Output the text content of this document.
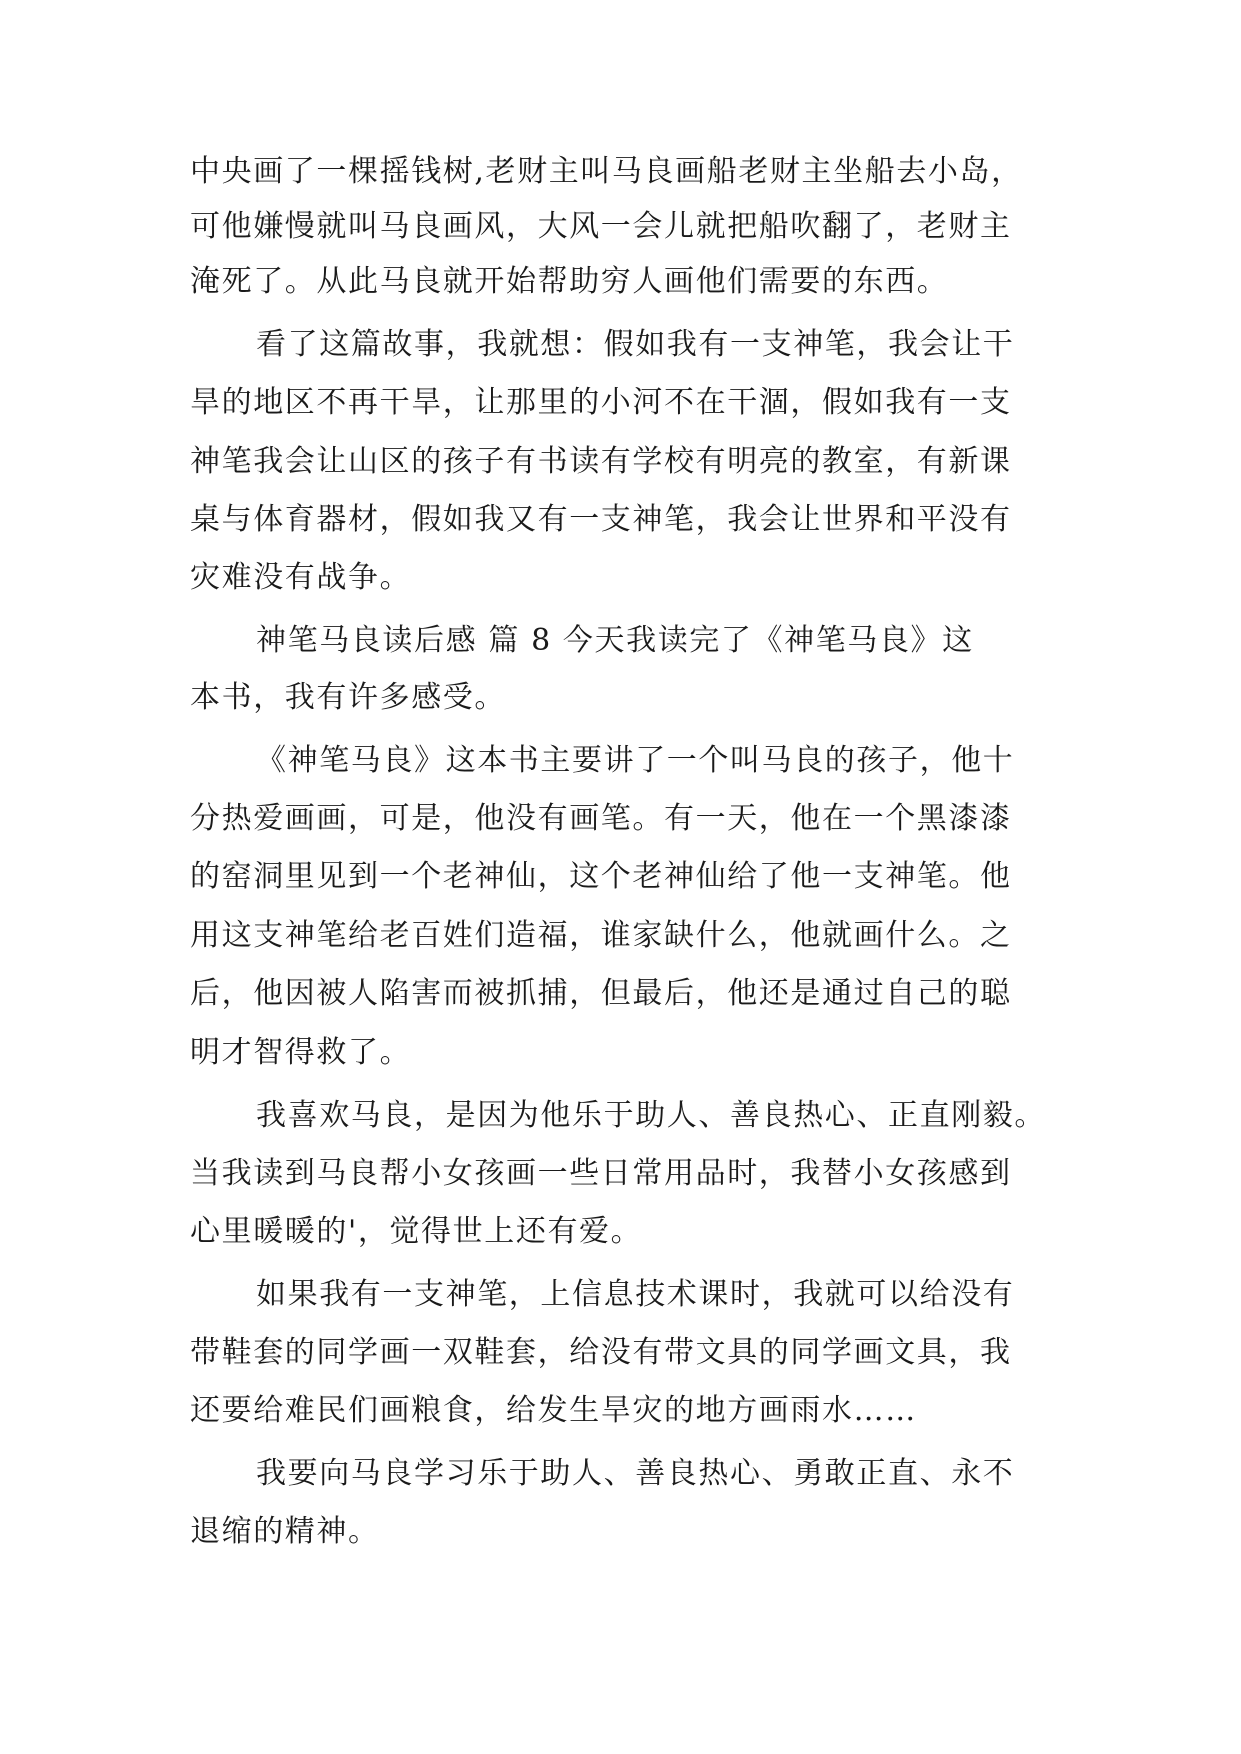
中央画了一棵摇钱树,老财主叫马良画船老财主坐船去小岛，
可他嫌慢就叫马良画风，大风一会儿就把船吹翻了，老财主
淹死了。从此马良就开始帮助穷人画他们需要的东西。
看了这篇故事，我就想：假如我有一支神笔，我会让干
旱的地区不再干旱，让那里的小河不在干涸，假如我有一支
神笔我会让山区的孩子有书读有学校有明亮的教室，有新课
桌与体育器材，假如我又有一支神笔，我会让世界和平没有
灾难没有战争。
神笔马良读后感 篇 8 今天我读完了《神笔马良》这
本书，我有许多感受。
《神笔马良》这本书主要讲了一个叫马良的孩子，他十
分热爱画画，可是，他没有画笔。有一天，他在一个黑漆漆
的窑洞里见到一个老神仙，这个老神仙给了他一支神笔。他
用这支神笔给老百姓们造福，谁家缺什么，他就画什么。之
后，他因被人陷害而被抓捕，但最后，他还是通过自己的聪
明才智得救了。
我喜欢马良，是因为他乐于助人、善良热心、正直刚毅。
当我读到马良帮小女孩画一些日常用品时，我替小女孩感到
心里暖暖的'，觉得世上还有爱。
如果我有一支神笔，上信息技术课时，我就可以给没有
带鞋套的同学画一双鞋套，给没有带文具的同学画文具，我
还要给难民们画粮食，给发生旱灾的地方画雨水……
我要向马良学习乐于助人、善良热心、勇敢正直、永不
退缩的精神。
